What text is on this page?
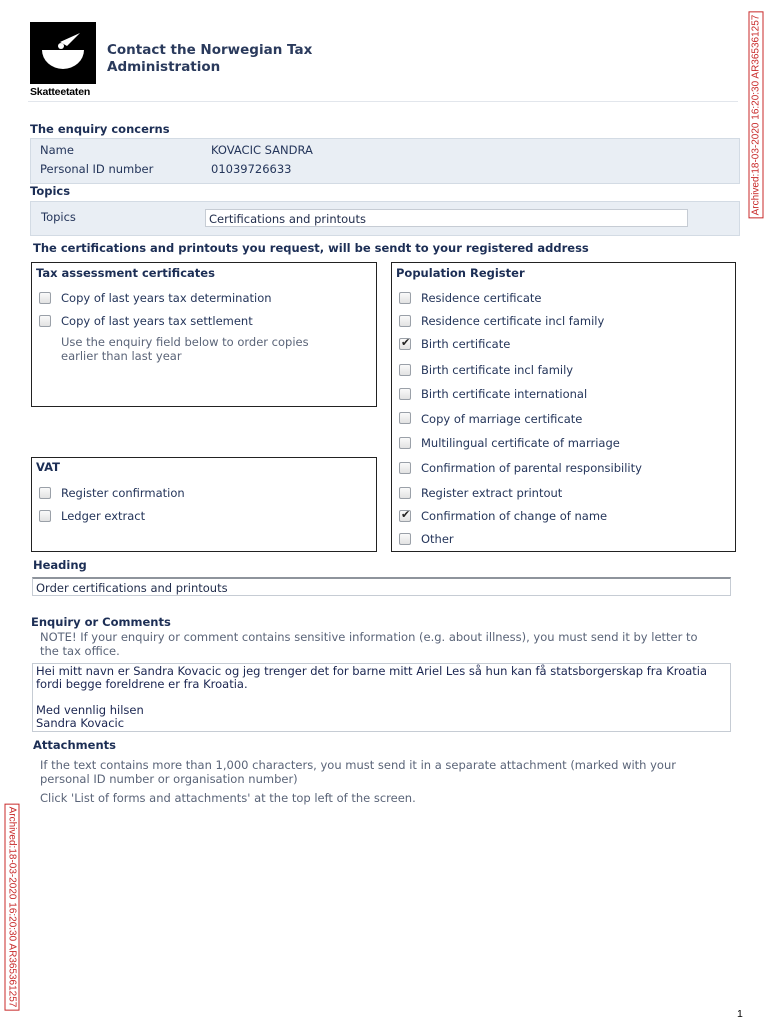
Skatteetaten
Contact the Norwegian Tax
Administration
The enquiry concerns
Name	KOVACIC SANDRA
Personal ID number	01039726633
Topics
Topics	Certifications and printouts
The certifications and printouts you request, will be sendt to your registered address
Tax assessment certificates
Copy of last years tax determination
Copy of last years tax settlement
Use the enquiry field below to order copies
earlier than last year
VAT
Register confirmation
Ledger extract
Population Register
Residence certificate
Residence certificate incl family
✔
Birth certificate
Birth certificate incl family
Birth certificate international
Copy of marriage certificate
Multilingual certificate of marriage
Confirmation of parental responsibility
Register extract printout
✔
Confirmation of change of name
Other
Heading
Order certifications and printouts
Enquiry or Comments
NOTE! If your enquiry or comment contains sensitive information (e.g. about illness), you must send it by letter to
the tax office.
Hei mitt navn er Sandra Kovacic og jeg trenger det for barne mitt Ariel Les så hun kan få statsborgerskap fra Kroatia
fordi begge foreldrene er fra Kroatia.
Med vennlig hilsen
Sandra Kovacic
Attachments
If the text contains more than 1,000 characters, you must send it in a separate attachment (marked with your
personal ID number or organisation number)
Click 'List of forms and attachments' at the top left of the screen.
Archived:18-03-2020 16:20:30 AR365361257
Archived:18-03-2020 16:20:30 AR365361257
1
